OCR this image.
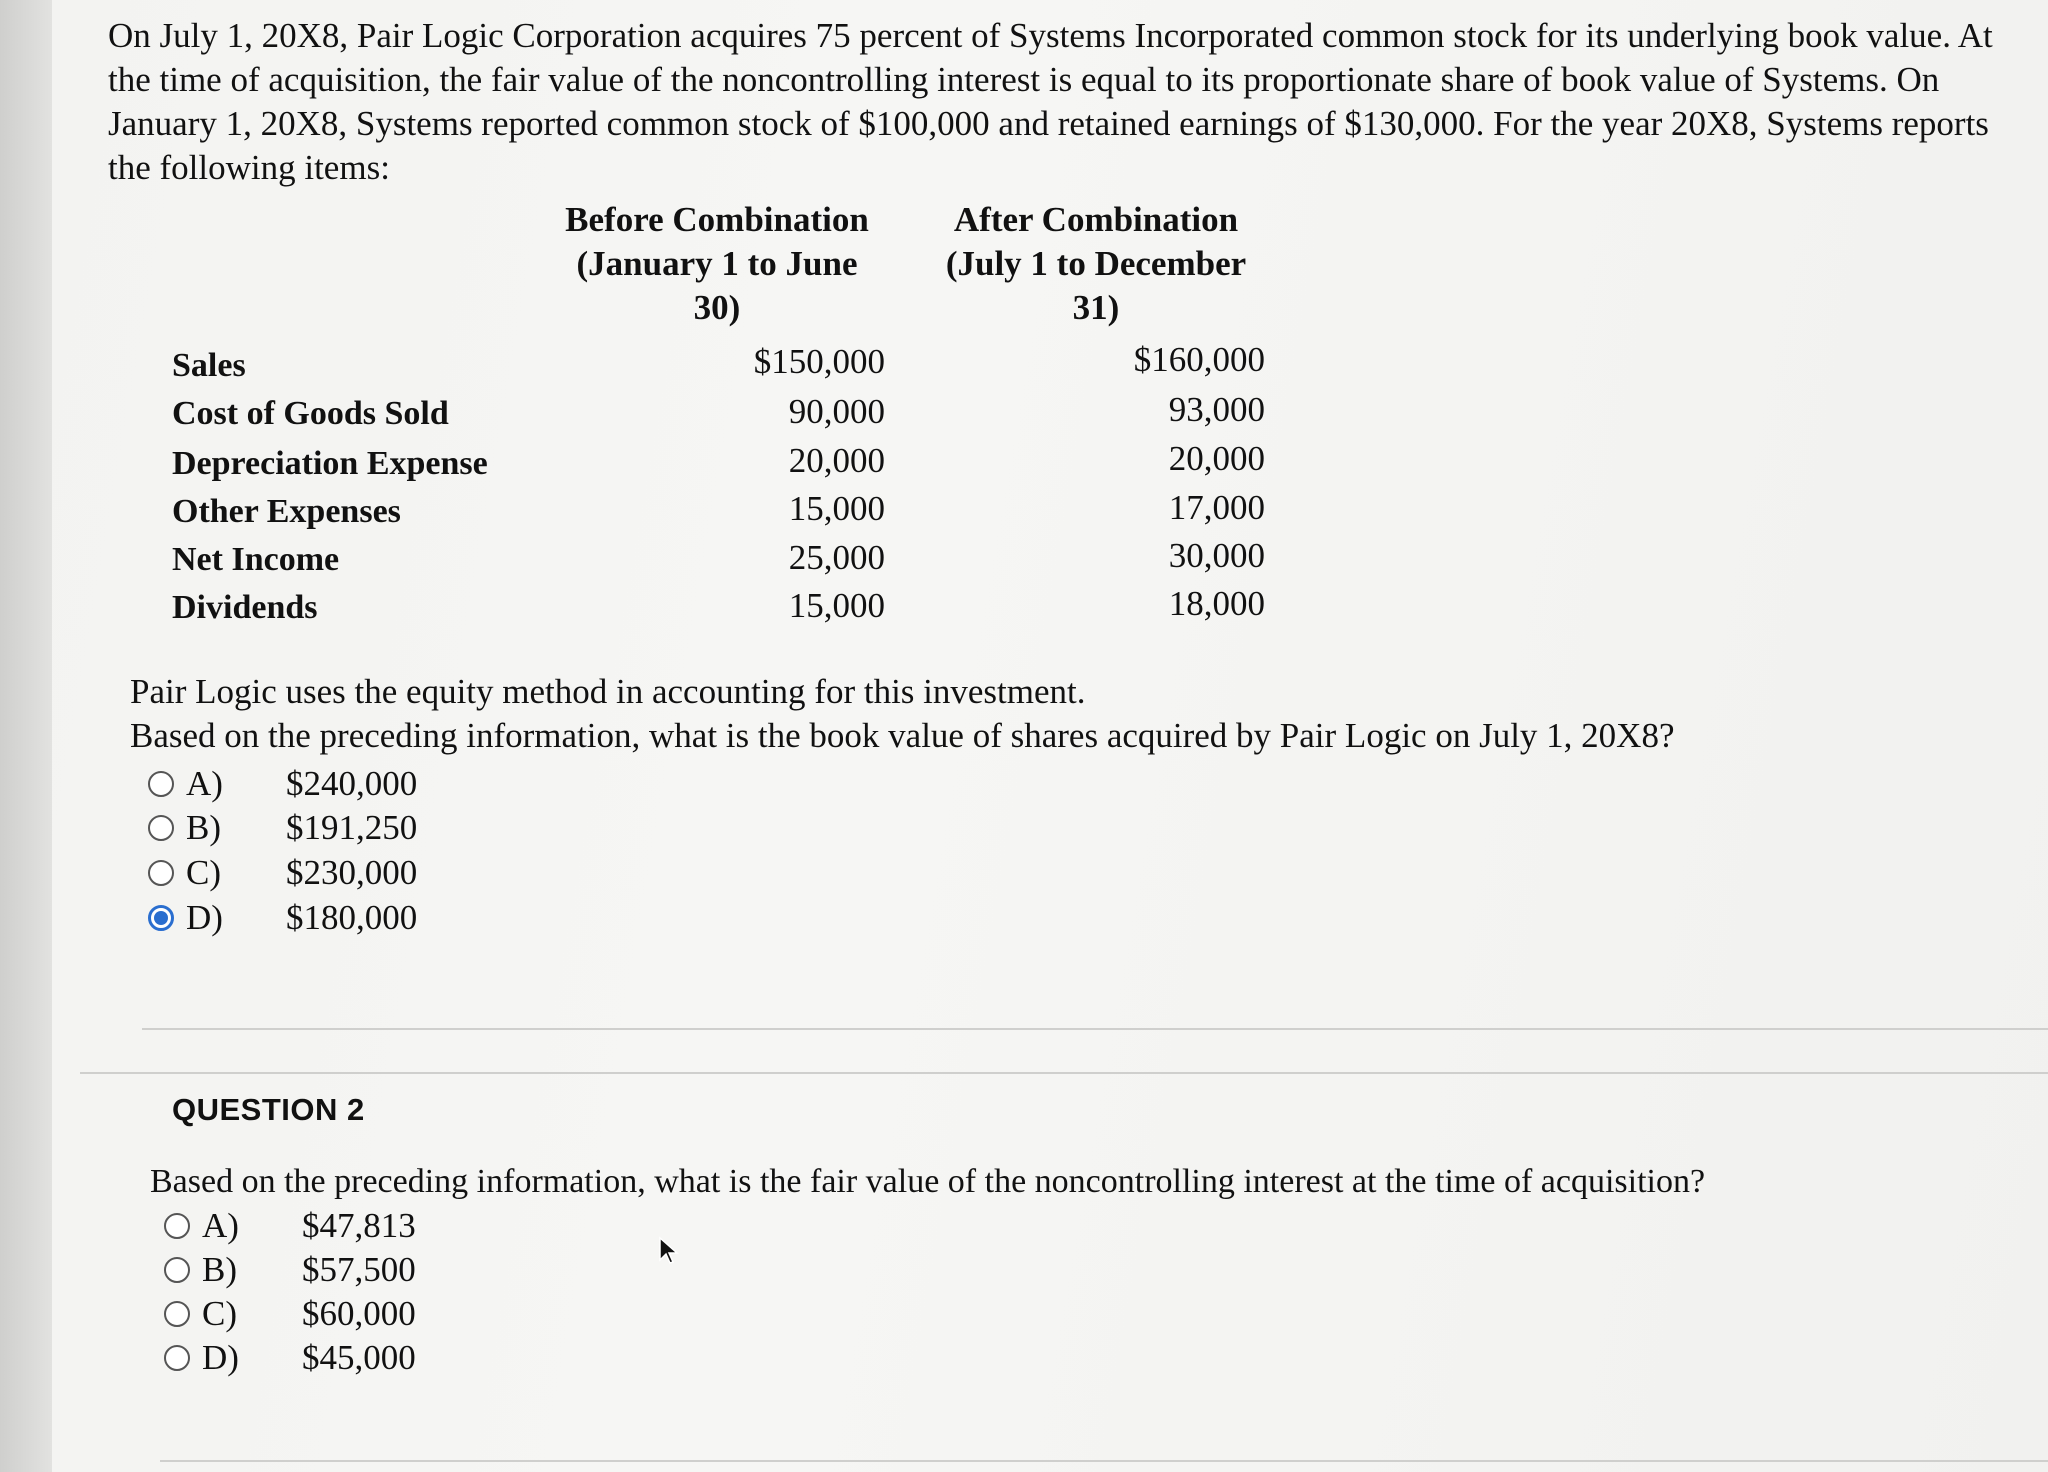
On July 1, 20X8, Pair Logic Corporation acquires 75 percent of Systems Incorporated common stock for its underlying book value. At the time of acquisition, the fair value of the noncontrolling interest is equal to its proportionate share of book value of Systems. On January 1, 20X8, Systems reported common stock of $100,000 and retained earnings of $130,000. For the year 20X8, Systems reports the following items:

Before Combination (January 1 to June 30)
After Combination (July 1 to December 31)
Sales	$150,000	$160,000
Cost of Goods Sold	90,000	93,000
Depreciation Expense	20,000	20,000
Other Expenses	15,000	17,000
Net Income	25,000	30,000
Dividends	15,000	18,000

Pair Logic uses the equity method in accounting for this investment.
Based on the preceding information, what is the book value of shares acquired by Pair Logic on July 1, 20X8?

A)	$240,000
B)	$191,250
C)	$230,000
D)	$180,000
QUESTION 2
Based on the preceding information, what is the fair value of the noncontrolling interest at the time of acquisition?
A)	$47,813
B)	$57,500
C)	$60,000
D)	$45,000
